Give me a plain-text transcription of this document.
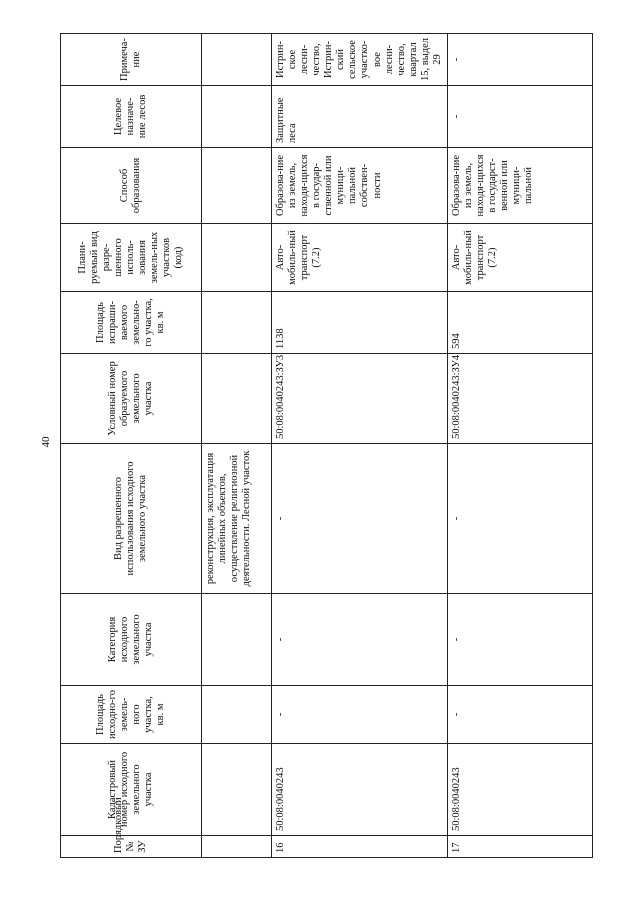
40
Порядковый № ЗУ	Кадастровый номер исходного земельного участка	Площадь исходно-го земель-ного участка, кв. м	Категория исходного земельного участка	Вид разрешенного использования исходного земельного участка	Условный номер образуемого земельного участка	Площадь испраши-ваемого земельно-го участка, кв. м	Плани-руемый вид разре-шенного исполь-зования земель-ных участков (код)	Способ образования	Целевое назначе-ние лесов	Примеча-ние
				реконструкция, эксплуатация линейных объектов, осуществление религиозной деятельности. Лесной участок						
16	50:08:0040243	-	-	-	50:08:0040243:ЗУ3	1138	Авто-мобиль-ный транспорт (7.2)	Образова-ние из земель, находя-щихся в государ-ственной или муници-пальной собствен-ности	Защитные леса	Истрин-ское лесни-чество, Истрин-ский сельское участко-вое лесни-чество, квартал 15, выдел 29
17	50:08:0040243	-	-	-	50:08:0040243:ЗУ4	594	Авто-мобиль-ный транспорт (7.2)	Образова-ние из земель, находя-щихся в государст-венной или муници-пальной	-	-
